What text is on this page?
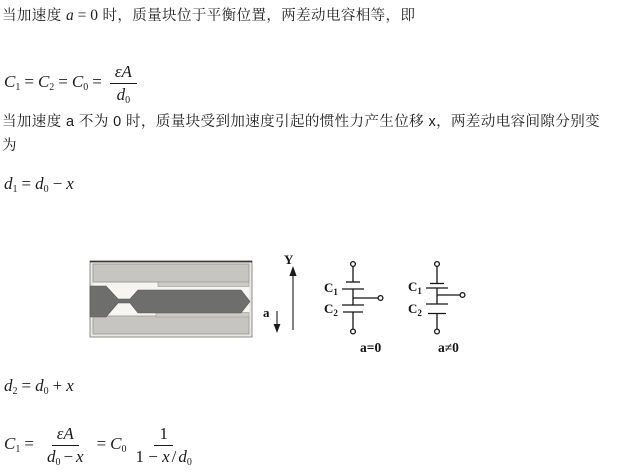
当加速度 a = 0 时，质量块位于平衡位置，两差动电容相等，即
$C_1 = C_2 = C_0 = \frac{\varepsilon A}{d_0}$
当加速度 a 不为 0 时，质量块受到加速度引起的惯性力产生位移 x，两差动电容间隙分别变
为
$d_1 = d_0 - x$
Y
a
$C_1$
$C_2$
a=0
$C_1$
$C_2$
a≠0
$d_2 = d_0 + x$
$C_1 = \frac{\varepsilon A}{d_0 - x} = C_0 \frac{1}{1 - x / d_0}$
